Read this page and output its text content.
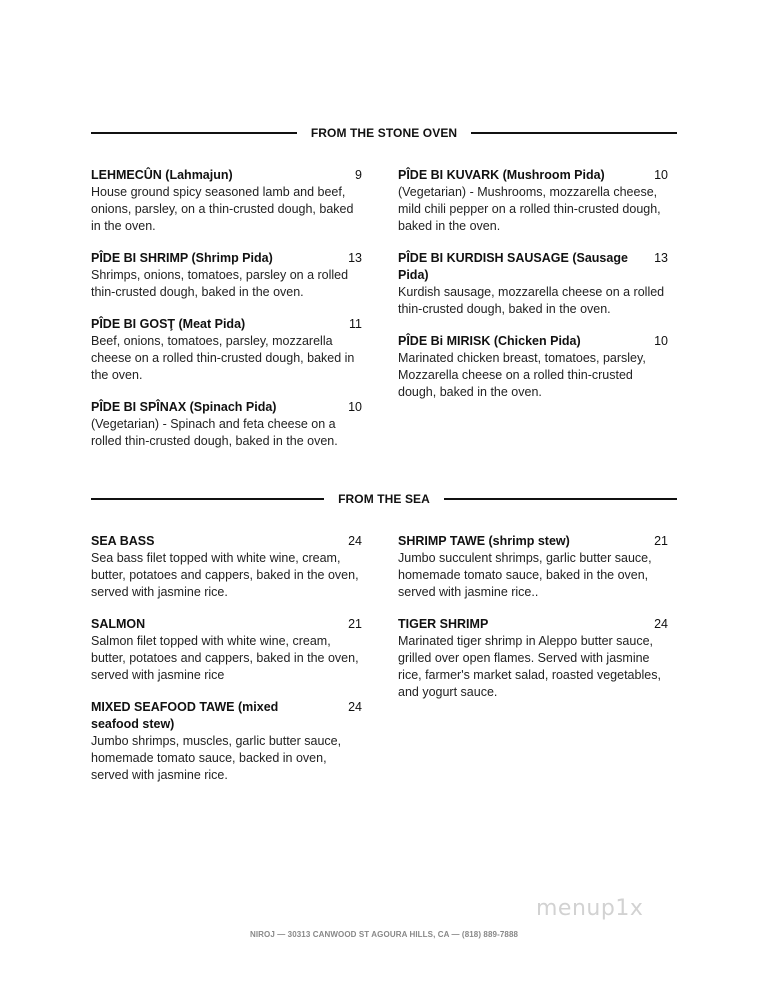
FROM THE STONE OVEN
LEHMECÛN (Lahmajun)	9
House ground spicy seasoned lamb and beef, onions, parsley, on a thin-crusted dough, baked in the oven.
PÎDE BI SHRIMP (Shrimp Pida)	13
Shrimps, onions, tomatoes, parsley on a rolled thin-crusted dough, baked in the oven.
PÎDE BI GOSŢ (Meat Pida)	11
Beef, onions, tomatoes, parsley, mozzarella cheese on a rolled thin-crusted dough, baked in the oven.
PÎDE BI SPÎNAX (Spinach Pida)	10
(Vegetarian) - Spinach and feta cheese on a rolled thin-crusted dough, baked in the oven.
PÎDE BI KUVARK (Mushroom Pida)	10
(Vegetarian) - Mushrooms, mozzarella cheese, mild chili pepper on a rolled thin-crusted dough, baked in the oven.
PÎDE BI KURDISH SAUSAGE (Sausage Pida)
13
Kurdish sausage, mozzarella cheese on a rolled thin-crusted dough, baked in the oven.
PÎDE Bi MIRISK (Chicken Pida)	10
Marinated chicken breast, tomatoes, parsley, Mozzarella cheese on a rolled thin-crusted dough, baked in the oven.
FROM THE SEA
SEA BASS	24
Sea bass filet topped with white wine, cream, butter, potatoes and cappers, baked in the oven, served with jasmine rice.
SALMON	21
Salmon filet topped with white wine, cream, butter, potatoes and cappers, baked in the oven, served with jasmine rice
MIXED SEAFOOD TAWE (mixed seafood stew)
24
Jumbo shrimps, muscles, garlic butter sauce, homemade tomato sauce, backed in oven, served with jasmine rice.
SHRIMP TAWE (shrimp stew)	21
Jumbo succulent shrimps, garlic butter sauce, homemade tomato sauce, baked in the oven, served with jasmine rice..
TIGER SHRIMP	24
Marinated tiger shrimp in Aleppo butter sauce, grilled over open flames. Served with jasmine rice, farmer's market salad, roasted vegetables, and yogurt sauce.
menup1x
NIROJ — 30313 CANWOOD ST AGOURA HILLS, CA — (818) 889-7888
